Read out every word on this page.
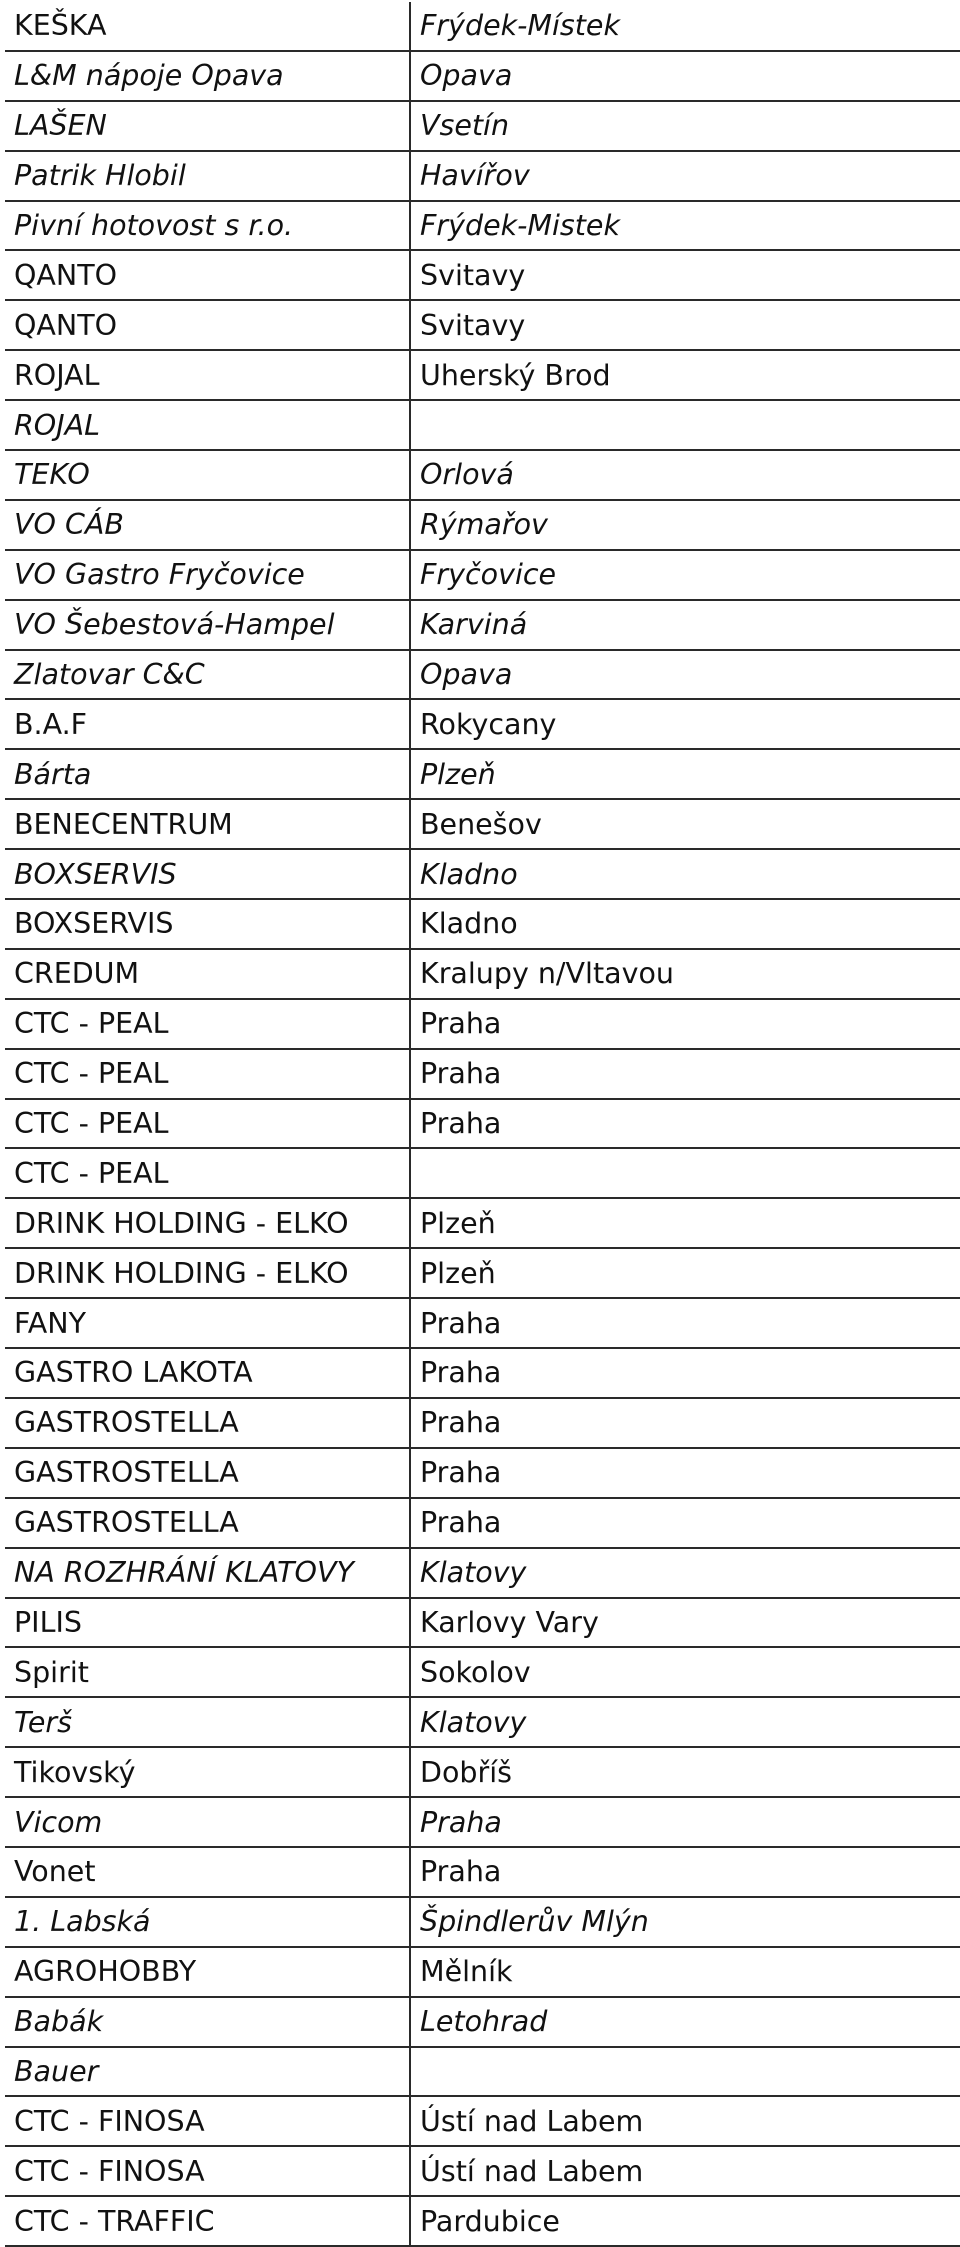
KEŠKA	Frýdek-Místek
L&M nápoje Opava	Opava
LAŠEN	Vsetín
Patrik Hlobil	Havířov
Pivní hotovost s r.o.	Frýdek-Mistek
QANTO	Svitavy
QANTO	Svitavy
ROJAL	Uherský Brod
ROJAL	
TEKO	Orlová
VO CÁB	Rýmařov
VO Gastro Fryčovice	Fryčovice
VO Šebestová-Hampel	Karviná
Zlatovar C&C	Opava
B.A.F	Rokycany
Bárta	Plzeň
BENECENTRUM	Benešov
BOXSERVIS	Kladno
BOXSERVIS	Kladno
CREDUM	Kralupy n/Vltavou
CTC - PEAL	Praha
CTC - PEAL	Praha
CTC - PEAL	Praha
CTC - PEAL	
DRINK HOLDING - ELKO	Plzeň
DRINK HOLDING - ELKO	Plzeň
FANY	Praha
GASTRO LAKOTA	Praha
GASTROSTELLA	Praha
GASTROSTELLA	Praha
GASTROSTELLA	Praha
NA ROZHRÁNÍ KLATOVY	Klatovy
PILIS	Karlovy Vary
Spirit	Sokolov
Terš	Klatovy
Tikovský	Dobříš
Vicom	Praha
Vonet	Praha
1. Labská	Špindlerův Mlýn
AGROHOBBY	Mělník
Babák	Letohrad
Bauer	
CTC - FINOSA	Ústí nad Labem
CTC - FINOSA	Ústí nad Labem
CTC - TRAFFIC	Pardubice
